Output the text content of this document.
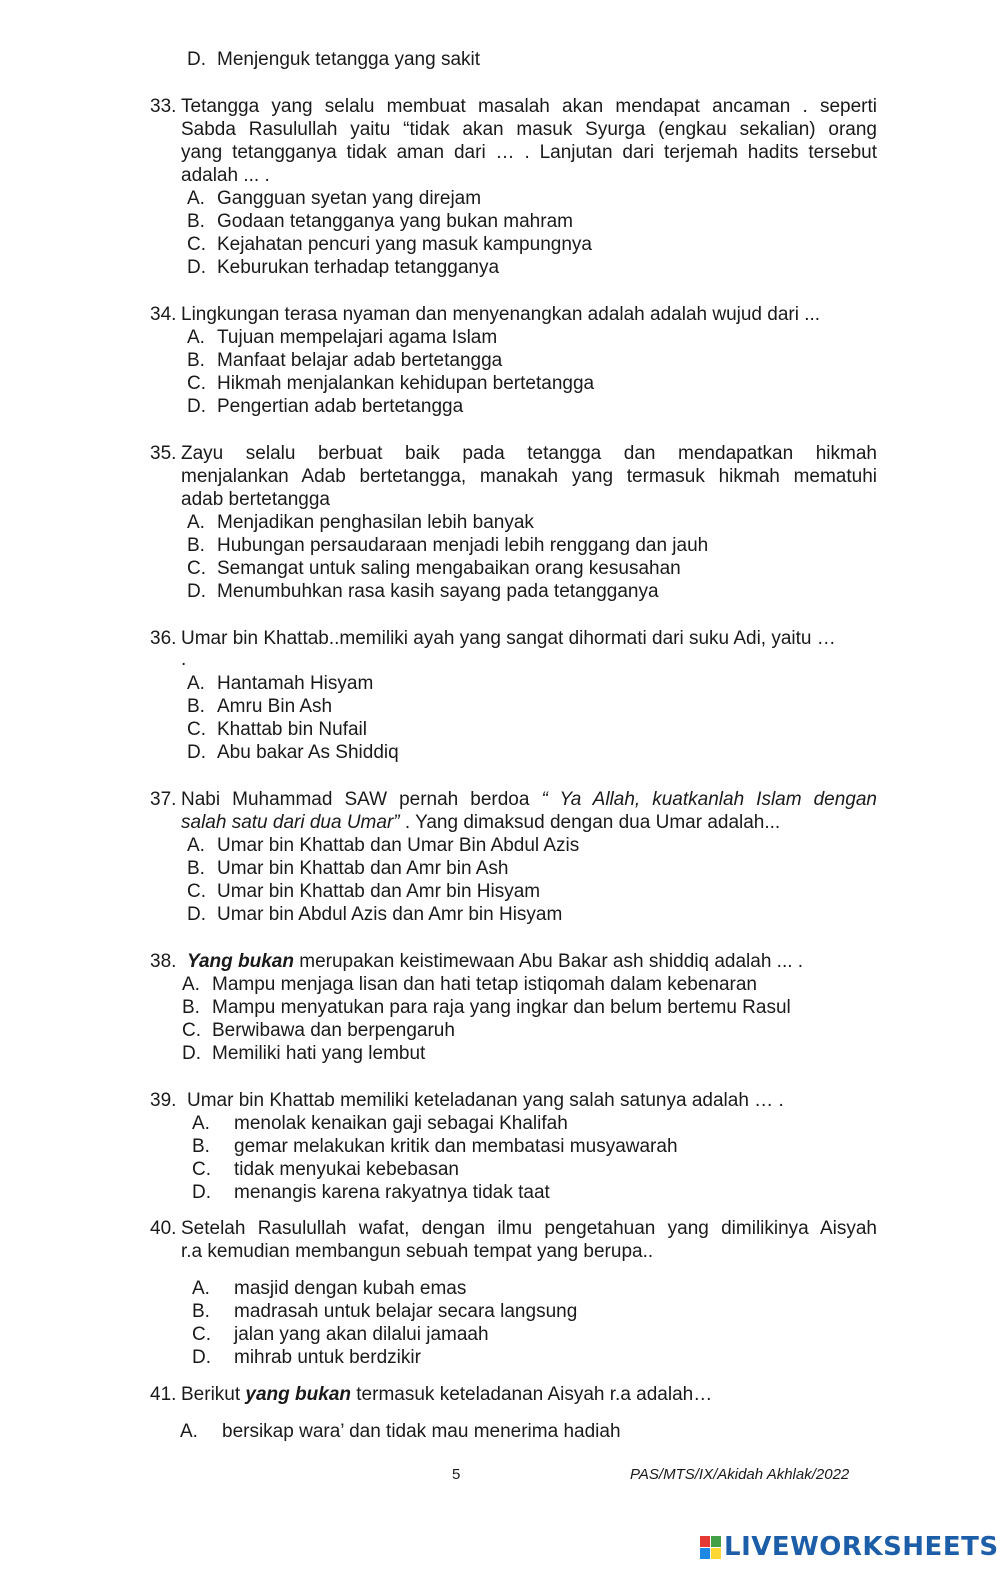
D. Menjenguk tetangga yang sakit
33. Tetangga yang selalu membuat masalah akan mendapat ancaman . seperti
Sabda Rasulullah yaitu “tidak akan masuk Syurga (engkau sekalian) orang
yang tetangganya tidak aman dari … . Lanjutan dari terjemah hadits tersebut
adalah ... .
A. Gangguan syetan yang direjam
B. Godaan tetangganya yang bukan mahram
C. Kejahatan pencuri yang masuk kampungnya
D. Keburukan terhadap tetangganya
34. Lingkungan terasa nyaman dan menyenangkan adalah adalah wujud dari ...
A. Tujuan mempelajari agama Islam
B. Manfaat belajar adab bertetangga
C. Hikmah menjalankan kehidupan bertetangga
D. Pengertian adab bertetangga
35. Zayu selalu berbuat baik pada tetangga dan mendapatkan hikmah
menjalankan Adab bertetangga, manakah yang termasuk hikmah mematuhi
adab bertetangga
A. Menjadikan penghasilan lebih banyak
B. Hubungan persaudaraan menjadi lebih renggang dan jauh
C. Semangat untuk saling mengabaikan orang kesusahan
D. Menumbuhkan rasa kasih sayang pada tetangganya
36. Umar bin Khattab..memiliki ayah yang sangat dihormati dari suku Adi, yaitu …
.
A. Hantamah Hisyam
B. Amru Bin Ash
C. Khattab bin Nufail
D. Abu bakar As Shiddiq
37. Nabi Muhammad SAW pernah berdoa “ Ya Allah, kuatkanlah Islam dengan
salah satu dari dua Umar” . Yang dimaksud dengan dua Umar adalah...
A. Umar bin Khattab dan Umar Bin Abdul Azis
B. Umar bin Khattab dan Amr bin Ash
C. Umar bin Khattab dan Amr bin Hisyam
D. Umar bin Abdul Azis dan Amr bin Hisyam
38. Yang bukan merupakan keistimewaan Abu Bakar ash shiddiq adalah ... .
A. Mampu menjaga lisan dan hati tetap istiqomah dalam kebenaran
B. Mampu menyatukan para raja yang ingkar dan belum bertemu Rasul
C. Berwibawa dan berpengaruh
D. Memiliki hati yang lembut
39. Umar bin Khattab memiliki keteladanan yang salah satunya adalah … .
A. menolak kenaikan gaji sebagai Khalifah
B. gemar melakukan kritik dan membatasi musyawarah
C. tidak menyukai kebebasan
D. menangis karena rakyatnya tidak taat
40. Setelah Rasulullah wafat, dengan ilmu pengetahuan yang dimilikinya Aisyah
r.a kemudian membangun sebuah tempat yang berupa..
A. masjid dengan kubah emas
B. madrasah untuk belajar secara langsung
C. jalan yang akan dilalui jamaah
D. mihrab untuk berdzikir
41. Berikut yang bukan termasuk keteladanan Aisyah r.a adalah…
A. bersikap wara’ dan tidak mau menerima hadiah
5	PAS/MTS/IX/Akidah Akhlak/2022
LIVEWORKSHEETS
